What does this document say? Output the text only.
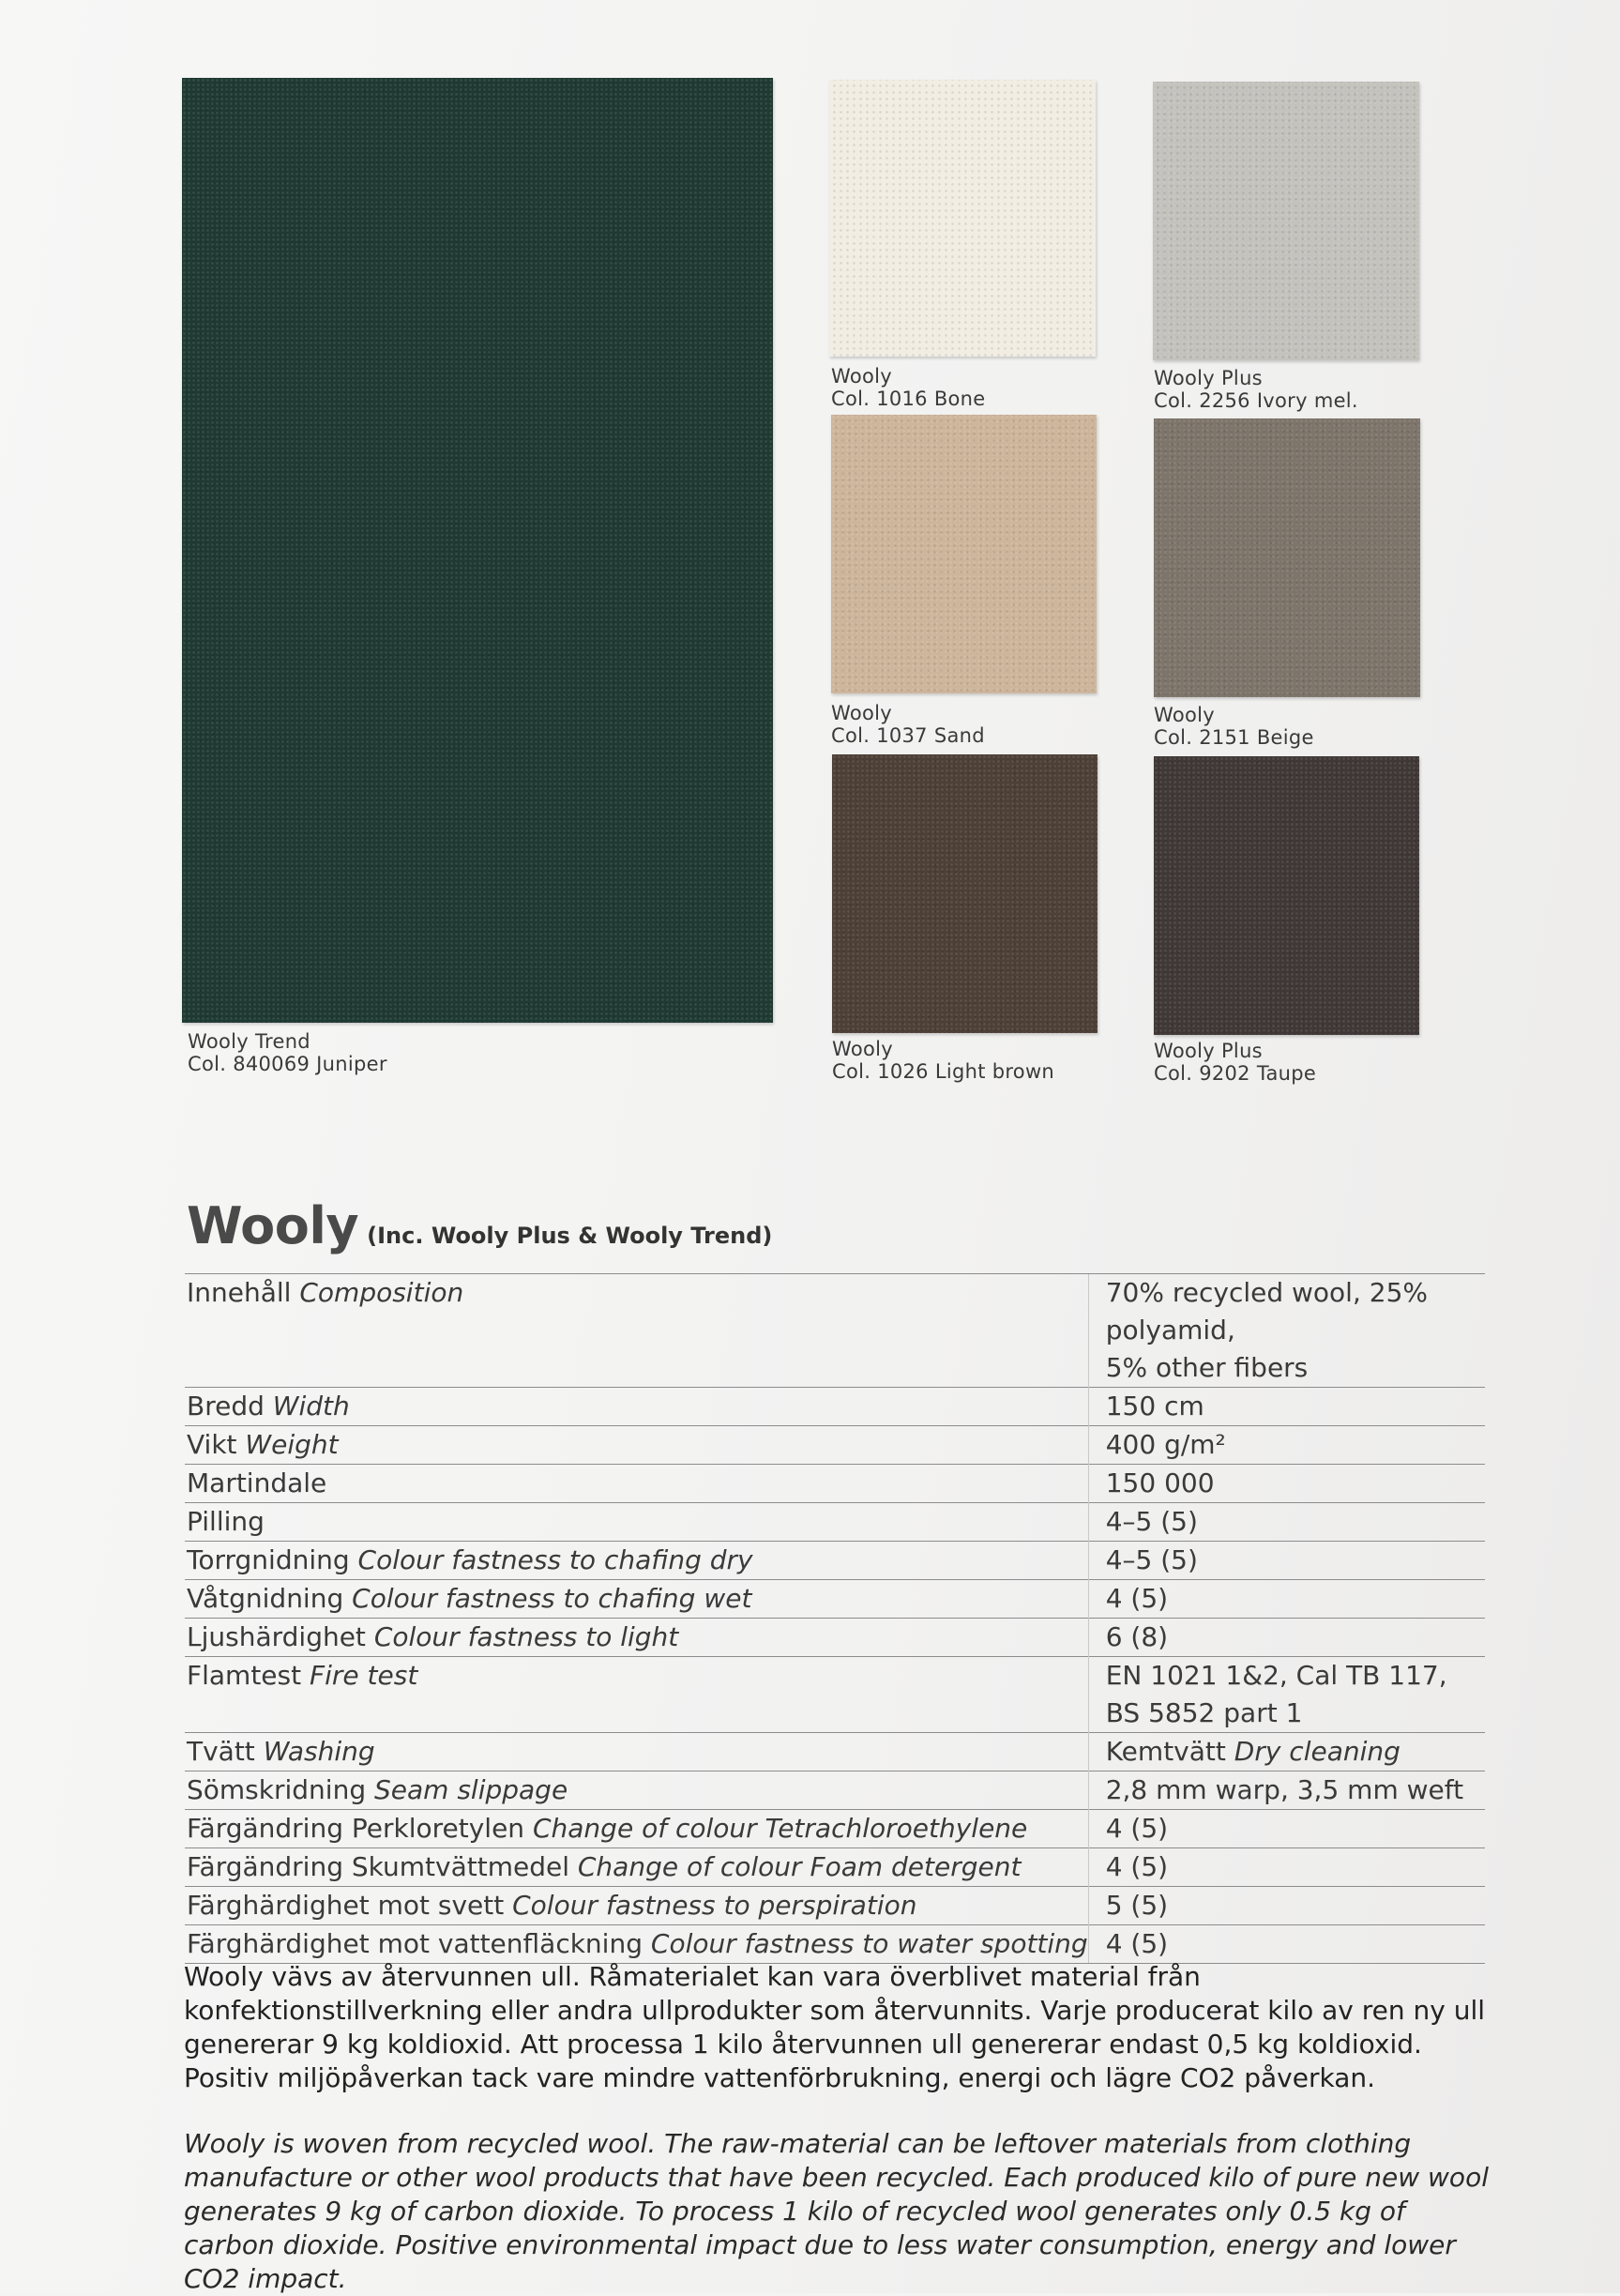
Wooly Trend
Col. 840069 Juniper
Wooly
Col. 1016 Bone
Wooly Plus
Col. 2256 Ivory mel.
Wooly
Col. 1037 Sand
Wooly
Col. 2151 Beige
Wooly
Col. 1026 Light brown
Wooly Plus
Col. 9202 Taupe
Wooly (Inc. Wooly Plus & Wooly Trend)
Innehåll Composition	70% recycled wool, 25% polyamid,
5% other fibers

Bredd Width	150 cm

Vikt Weight	400 g/m²

Martindale	150 000

Pilling	4–5 (5)

Torrgnidning Colour fastness to chafing dry	4–5 (5)

Våtgnidning Colour fastness to chafing wet	4 (5)

Ljushärdighet Colour fastness to light	6 (8)

Flamtest Fire test	EN 1021 1&2, Cal TB 117,
BS 5852 part 1

Tvätt Washing	Kemtvätt Dry cleaning

Sömskridning Seam slippage	2,8 mm warp, 3,5 mm weft

Färgändring Perkloretylen Change of colour Tetrachloroethylene	4 (5)

Färgändring Skumtvättmedel Change of colour Foam detergent	4 (5)

Färghärdighet mot svett Colour fastness to perspiration	5 (5)

Färghärdighet mot vattenfläckning Colour fastness to water spotting	4 (5)

Wooly vävs av återvunnen ull. Råmaterialet kan vara överblivet material från konfektionstillverkning eller andra ullprodukter som återvunnits. Varje producerat kilo av ren ny ull genererar 9 kg koldioxid. Att processa 1 kilo återvunnen ull genererar endast 0,5 kg koldioxid. Positiv miljöpåverkan tack vare mindre vattenförbrukning, energi och lägre CO2 påverkan.

Wooly is woven from recycled wool. The raw-material can be leftover materials from clothing manufacture or other wool products that have been recycled. Each produced kilo of pure new wool generates 9 kg of carbon dioxide. To process 1 kilo of recycled wool generates only 0.5 kg of carbon dioxide. Positive environmental impact due to less water consumption, energy and lower CO2 impact.
